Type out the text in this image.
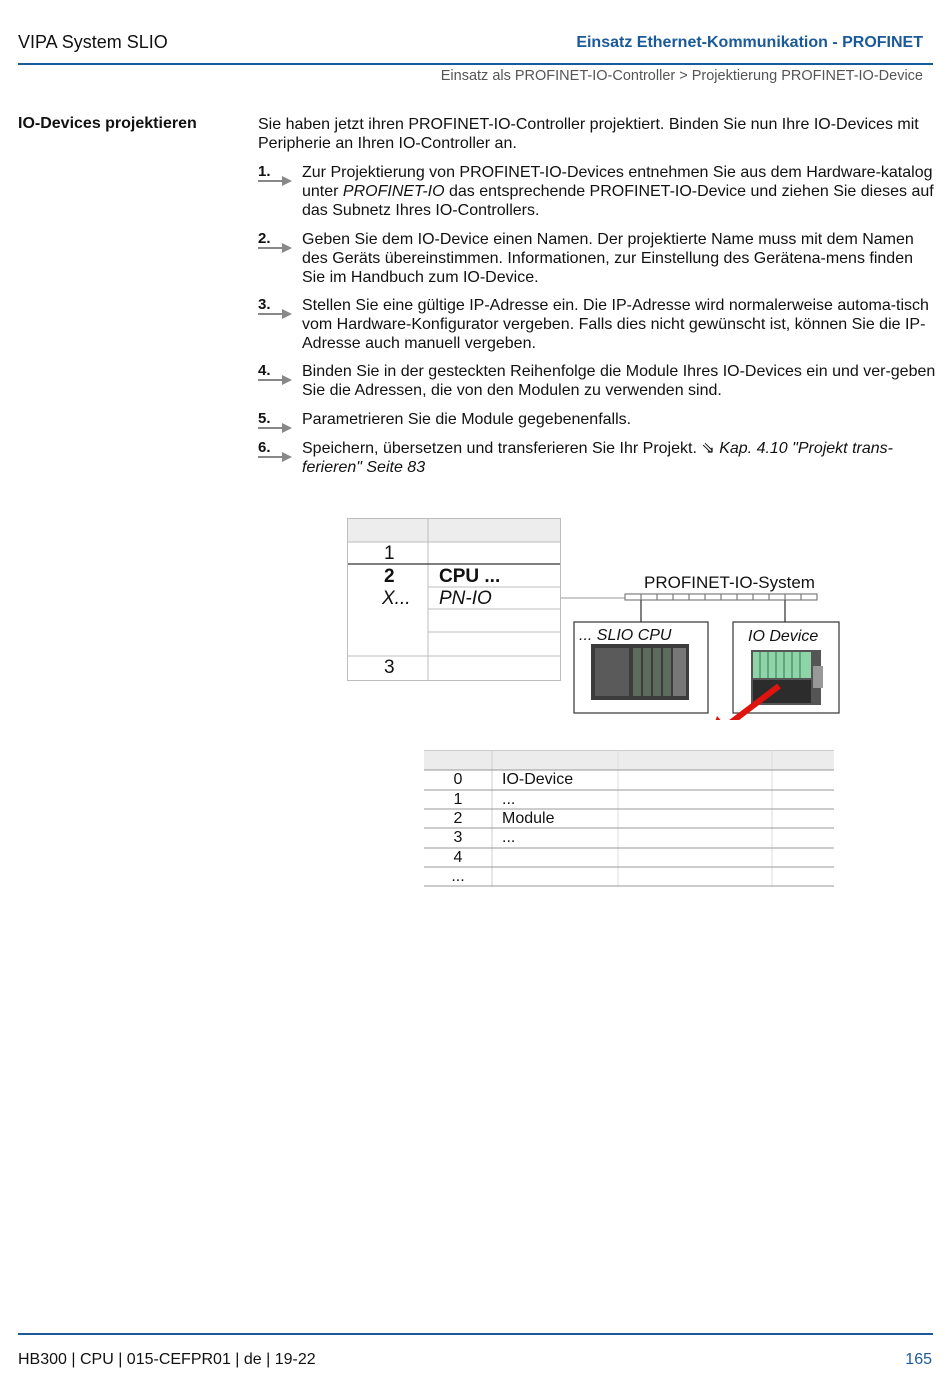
VIPA System SLIO	Einsatz Ethernet-Kommunikation - PROFINET
Einsatz als PROFINET-IO-Controller > Projektierung PROFINET-IO-Device
IO-Devices projektieren	Sie haben jetzt ihren PROFINET-IO-Controller projektiert. Binden Sie nun Ihre IO-Devices mit Peripherie an Ihren IO-Controller an.
1.	Zur Projektierung von PROFINET-IO-Devices entnehmen Sie aus dem Hardware-katalog unter PROFINET-IO das entsprechende PROFINET-IO-Device und ziehen Sie dieses auf das Subnetz Ihres IO-Controllers.
2.	Geben Sie dem IO-Device einen Namen. Der projektierte Name muss mit dem Namen des Geräts übereinstimmen. Informationen, zur Einstellung des Gerätena-mens finden Sie im Handbuch zum IO-Device.
3.	Stellen Sie eine gültige IP-Adresse ein. Die IP-Adresse wird normalerweise automa-tisch vom Hardware-Konfigurator vergeben. Falls dies nicht gewünscht ist, können Sie die IP-Adresse auch manuell vergeben.
4.	Binden Sie in der gesteckten Reihenfolge die Module Ihres IO-Devices ein und ver-geben Sie die Adressen, die von den Modulen zu verwenden sind.
5.	Parametrieren Sie die Module gegebenenfalls.
6.	Speichern, übersetzen und transferieren Sie Ihr Projekt. ⇘ Kap. 4.10 "Projekt trans-ferieren" Seite 83
1
2 CPU ...
X... PN-IO
3
PROFINET-IO-System
... SLIO CPU	IO Device
0	IO-Device
1	...
2	Module
3	...
4
...
HB300 | CPU | 015-CEFPR01 | de | 19-22	165
